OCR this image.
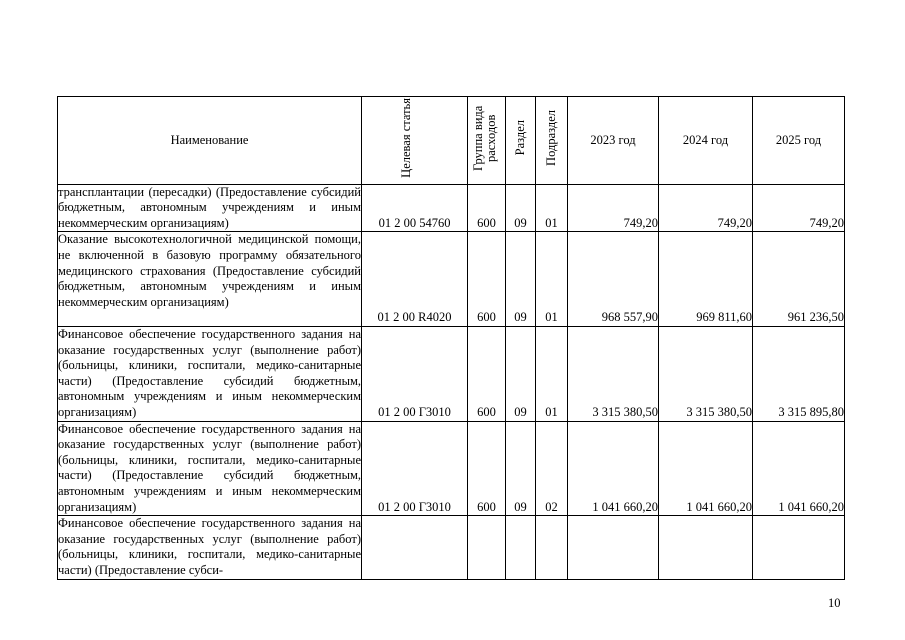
Наименование	Целевая статья	Группа вида расходов	Раздел	Подраздел	2023 год	2024 год	2025 год

трансплантации (пересадки) (Предоставление субсидий бюджетным, автономным учреждениям и иным некоммерческим организациям)	01 2 00 54760	600	09	01	749,20	749,20	749,20

Оказание высокотехнологичной медицинской помощи, не включенной в базовую программу обязательного медицинского страхования (Предоставление субсидий бюджетным, автономным учреждениям и иным некоммерческим организациям)	01 2 00 R4020	600	09	01	968 557,90	969 811,60	961 236,50

Финансовое обеспечение государственного задания на оказание государственных услуг (выполнение работ) (больницы, клиники, госпитали, медико-санитарные части) (Предоставление субсидий бюджетным, автономным учреждениям и иным некоммерческим организациям)	01 2 00 Г3010	600	09	01	3 315 380,50	3 315 380,50	3 315 895,80

Финансовое обеспечение государственного задания на оказание государственных услуг (выполнение работ) (больницы, клиники, госпитали, медико-санитарные части) (Предоставление субсидий бюджетным, автономным учреждениям и иным некоммерческим организациям)	01 2 00 Г3010	600	09	02	1 041 660,20	1 041 660,20	1 041 660,20

Финансовое обеспечение государственного задания на оказание государственных услуг (выполнение работ) (больницы, клиники, госпитали, медико-санитарные части) (Предоставление субси-							

10
